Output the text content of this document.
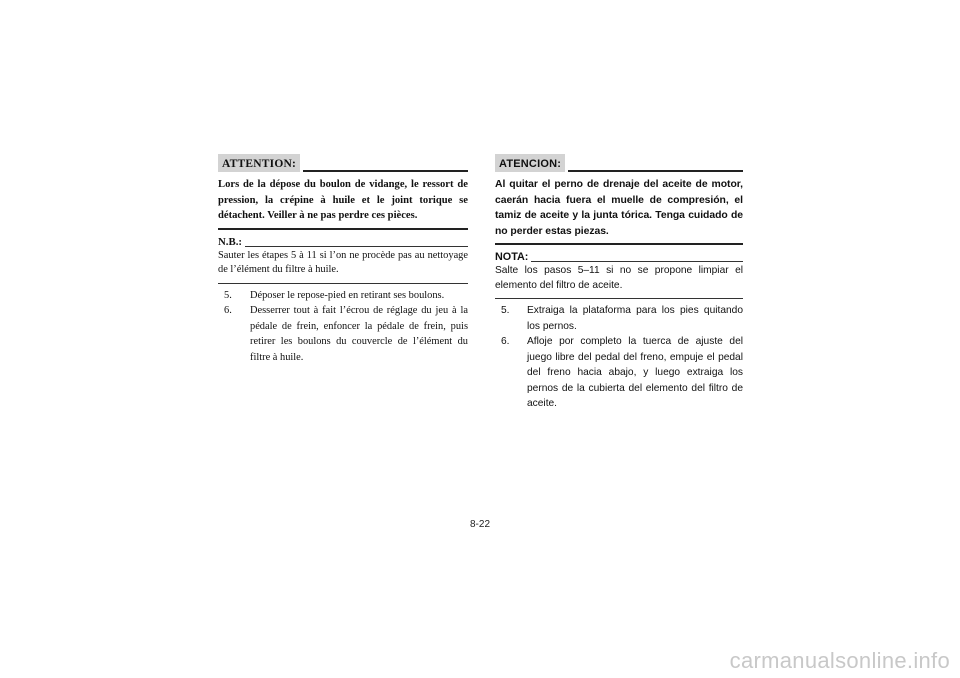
ATTENTION:
Lors de la dépose du boulon de vidange, le ressort de pression, la crépine à huile et le joint torique se détachent. Veiller à ne pas perdre ces pièces.
N.B.:
Sauter les étapes 5 à 11 si l’on ne procède pas au nettoyage de l’élément du filtre à huile.
5.	Déposer le repose-pied en retirant ses boulons.
6.	Desserrer tout à fait l’écrou de réglage du jeu à la pédale de frein, enfoncer la pédale de frein, puis retirer les boulons du couvercle de l’élément du filtre à huile.
ATENCION:
Al quitar el perno de drenaje del aceite de motor, caerán hacia fuera el muelle de compresión, el tamiz de aceite y la junta tórica. Tenga cuidado de no perder estas piezas.
NOTA:
Salte los pasos 5–11 si no se propone limpiar el elemento del filtro de aceite.
5.	Extraiga la plataforma para los pies quitando los pernos.
6.	Afloje por completo la tuerca de ajuste del juego libre del pedal del freno, empuje el pedal del freno hacia abajo, y luego extraiga los pernos de la cubierta del elemento del filtro de aceite.
8-22
carmanualsonline.info
